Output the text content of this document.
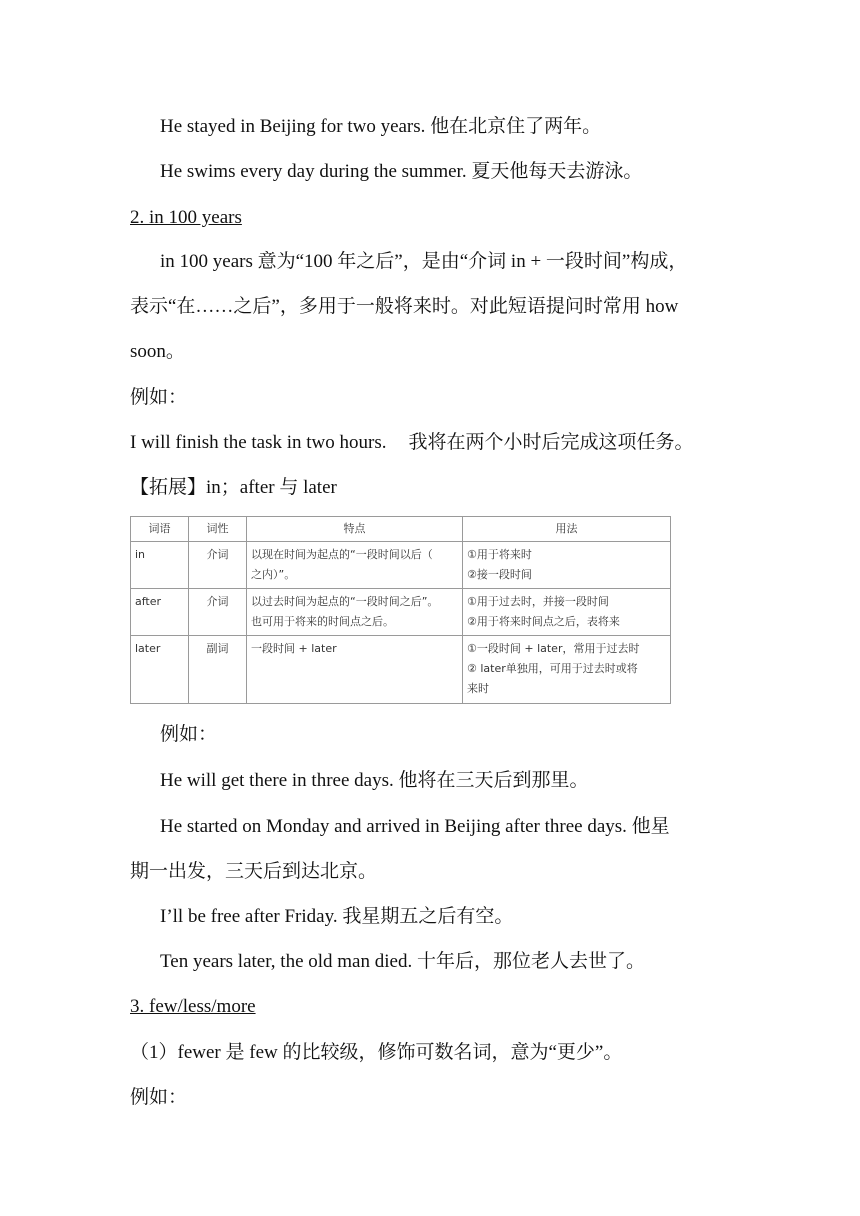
He stayed in Beijing for two years. 他在北京住了两年。
He swims every day during the summer. 夏天他每天去游泳。
2. in 100 years
in 100 years 意为“100 年之后”，是由“介词 in + 一段时间”构成，
表示“在……之后”，多用于一般将来时。对此短语提问时常用 how
soon。
例如：
I will finish the task in two hours. 我将在两个小时后完成这项任务。
【拓展】in；after 与 later
词语	词性	特点	用法

in	介词	以现在时间为起点的“一段时间以后（
之内）”。	①用于将来时
②接一段时间

after	介词	以过去时间为起点的“一段时间之后”。
也可用于将来的时间点之后。	①用于过去时，并接一段时间
②用于将来时间点之后，表将来

later	副词	一段时间 + later	①一段时间 + later，常用于过去时
② later单独用，可用于过去时或将
来时
例如：
He will get there in three days. 他将在三天后到那里。
He started on Monday and arrived in Beijing after three days. 他星
期一出发，三天后到达北京。
I’ll be free after Friday. 我星期五之后有空。
Ten years later, the old man died. 十年后，那位老人去世了。
3. few/less/more
（1）fewer 是 few 的比较级，修饰可数名词，意为“更少”。
例如：
